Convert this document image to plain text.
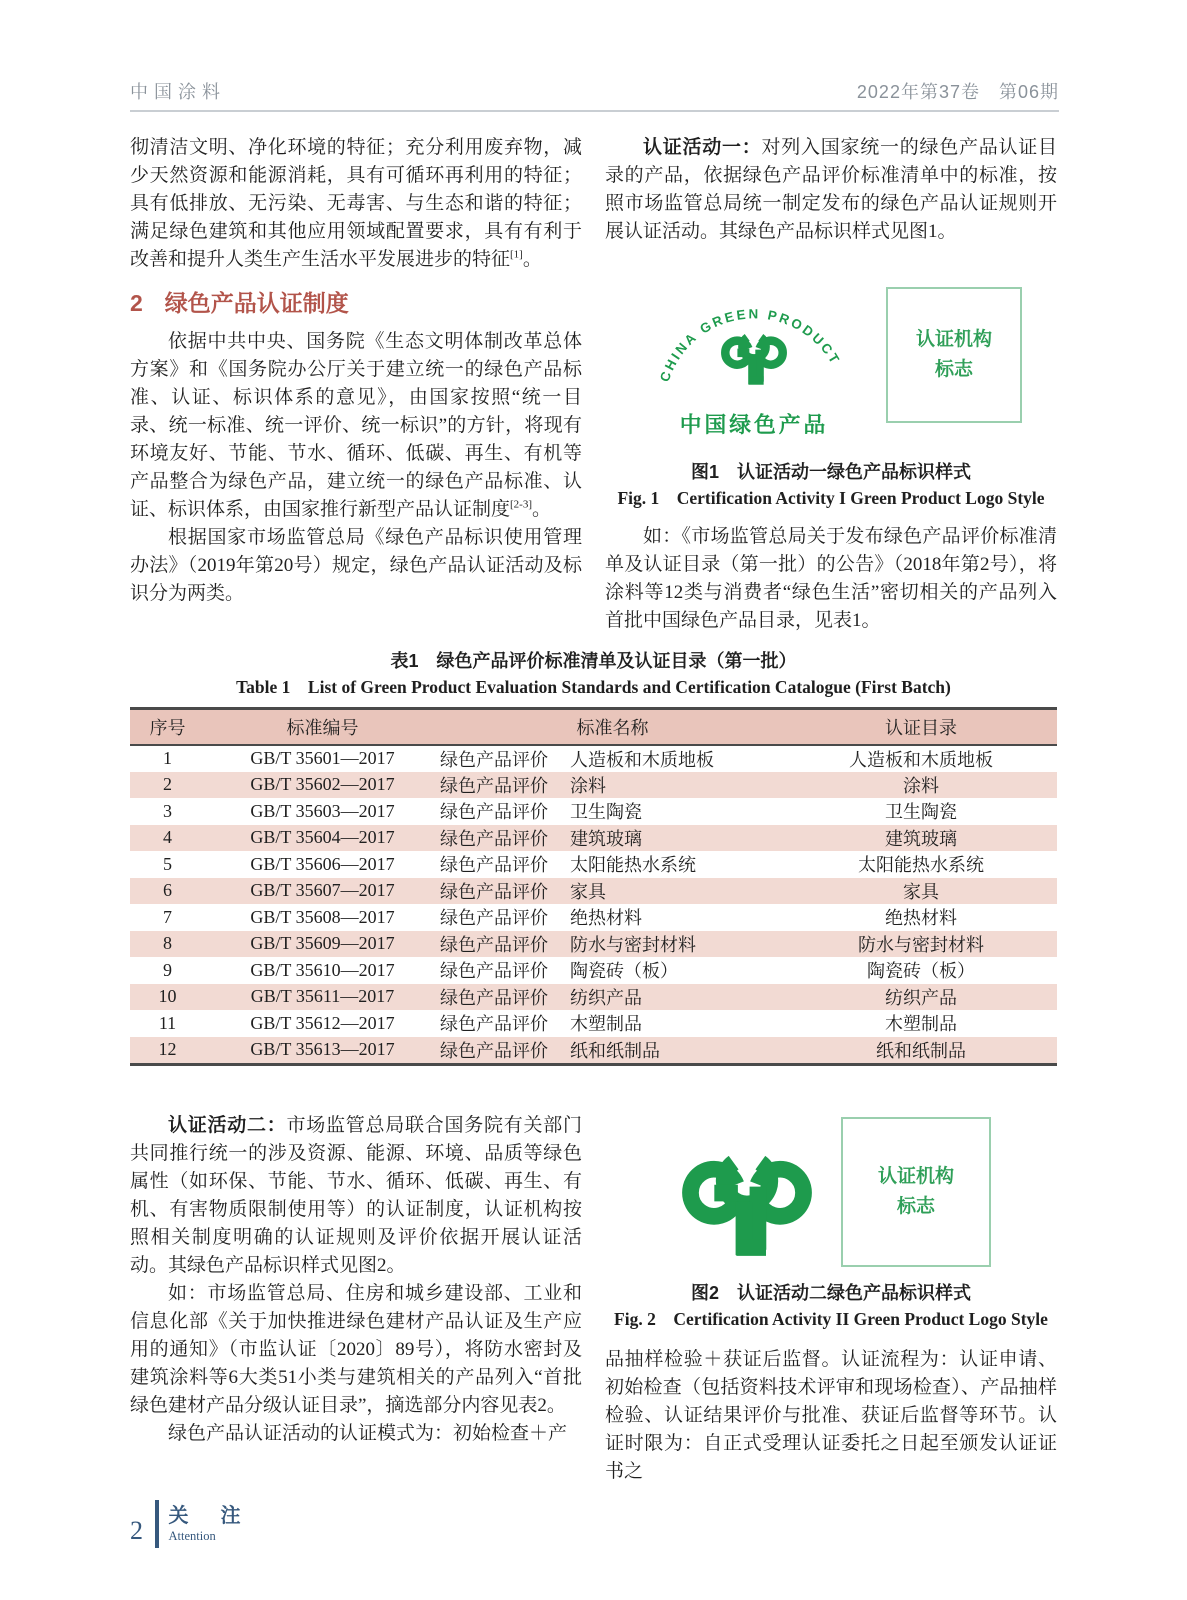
中国涂料	2022年第37卷　第06期

彻清洁文明、净化环境的特征；充分利用废弃物，减少天然资源和能源消耗，具有可循环再利用的特征；具有低排放、无污染、无毒害、与生态和谐的特征；满足绿色建筑和其他应用领域配置要求，具有有利于改善和提升人类生产生活水平发展进步的特征[1]。

2 绿色产品认证制度

依据中共中央、国务院《生态文明体制改革总体方案》和《国务院办公厅关于建立统一的绿色产品标准、认证、标识体系的意见》，由国家按照“统一目录、统一标准、统一评价、统一标识”的方针，将现有环境友好、节能、节水、循环、低碳、再生、有机等产品整合为绿色产品，建立统一的绿色产品标准、认证、标识体系，由国家推行新型产品认证制度[2-3]。

根据国家市场监管总局《绿色产品标识使用管理办法》（2019年第20号）规定，绿色产品认证活动及标识分为两类。

认证活动一：对列入国家统一的绿色产品认证目录的产品，依据绿色产品评价标准清单中的标准，按照市场监管总局统一制定发布的绿色产品认证规则开展认证活动。其绿色产品标识样式见图1。

CHINA GREEN PRODUCT
中国绿色产品
认证机构
标志
图1　认证活动一绿色产品标识样式
Fig. 1　Certification Activity I Green Product Logo Style

如：《市场监管总局关于发布绿色产品评价标准清单及认证目录（第一批）的公告》（2018年第2号），将涂料等12类与消费者“绿色生活”密切相关的产品列入首批中国绿色产品目录，见表1。

表1　绿色产品评价标准清单及认证目录（第一批）
Table 1　List of Green Product Evaluation Standards and Certification Catalogue (First Batch)
序号	标准编号	标准名称	认证目录
1	GB/T 35601—2017	绿色产品评价 人造板和木质地板	人造板和木质地板
2	GB/T 35602—2017	绿色产品评价 涂料	涂料
3	GB/T 35603—2017	绿色产品评价 卫生陶瓷	卫生陶瓷
4	GB/T 35604—2017	绿色产品评价 建筑玻璃	建筑玻璃
5	GB/T 35606—2017	绿色产品评价 太阳能热水系统	太阳能热水系统
6	GB/T 35607—2017	绿色产品评价 家具	家具
7	GB/T 35608—2017	绿色产品评价 绝热材料	绝热材料
8	GB/T 35609—2017	绿色产品评价 防水与密封材料	防水与密封材料
9	GB/T 35610—2017	绿色产品评价 陶瓷砖（板）	陶瓷砖（板）
10	GB/T 35611—2017	绿色产品评价 纺织产品	纺织产品
11	GB/T 35612—2017	绿色产品评价 木塑制品	木塑制品
12	GB/T 35613—2017	绿色产品评价 纸和纸制品	纸和纸制品

认证活动二：市场监管总局联合国务院有关部门共同推行统一的涉及资源、能源、环境、品质等绿色属性（如环保、节能、节水、循环、低碳、再生、有机、有害物质限制使用等）的认证制度，认证机构按照相关制度明确的认证规则及评价依据开展认证活动。其绿色产品标识样式见图2。

如：市场监管总局、住房和城乡建设部、工业和信息化部《关于加快推进绿色建材产品认证及生产应用的通知》（市监认证〔2020〕89号），将防水密封及建筑涂料等6大类51小类与建筑相关的产品列入“首批绿色建材产品分级认证目录”，摘选部分内容见表2。

绿色产品认证活动的认证模式为：初始检查＋产

认证机构
标志
图2　认证活动二绿色产品标识样式
Fig. 2　Certification Activity II Green Product Logo Style

品抽样检验＋获证后监督。认证流程为：认证申请、初始检查（包括资料技术评审和现场检查）、产品抽样检验、认证结果评价与批准、获证后监督等环节。认证时限为：自正式受理认证委托之日起至颁发认证证书之

2 关　注
Attention
